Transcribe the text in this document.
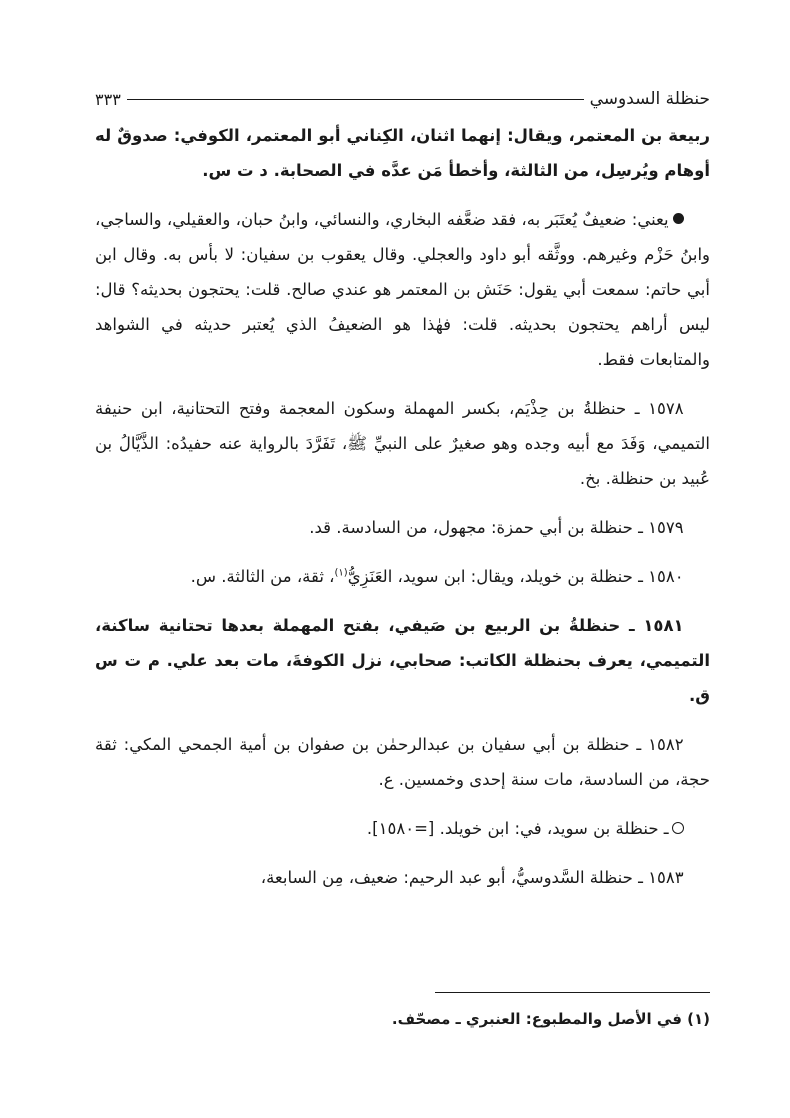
حنظلة السدوسي
٣٣٣

ربيعة بن المعتمر، ويقال: إنهما اثنان، الكِناني أبو المعتمر، الكوفي: صدوقٌ له أوهام ويُرسِل، من الثالثة، وأخطأ مَن عدَّه في الصحابة. د ت س.

يعني: ضعيفٌ يُعتَبَر به، فقد ضعَّفه البخاري، والنسائي، وابنُ حبان، والعقيلي، والساجي، وابنُ حَزْم وغيرهم. ووثَّقه أبو داود والعجلي. وقال يعقوب بن سفيان: لا بأس به. وقال ابن أبي حاتم: سمعت أبي يقول: حَنَش بن المعتمر هو عندي صالح. قلت: يحتجون بحديثه؟ قال: ليس أراهم يحتجون بحديثه. قلت: فهٰذا هو الضعيفُ الذي يُعتبر حديثه في الشواهد والمتابعات فقط.

١٥٧٨ ـ حنظلةُ بن حِذْيَم، بكسر المهملة وسكون المعجمة وفتح التحتانية، ابن حنيفة التميمي، وَفَدَ مع أبيه وجده وهو صغيرٌ على النبيِّ ﷺ، تَفَرَّدَ بالرواية عنه حفيدُه: الذَّيَّالُ بن عُبيد بن حنظلة. بخ.

١٥٧٩ ـ حنظلة بن أبي حمزة: مجهول، من السادسة. قد.

١٥٨٠ ـ حنظلة بن خويلد، ويقال: ابن سويد، العَنَزِيُّ$^{(١)}$، ثقة، من الثالثة. س.

١٥٨١ ـ حنظلةُ بن الربيع بن صَيفي، بفتح المهملة بعدها تحتانية ساكنة، التميمي، يعرف بحنظلة الكاتب: صحابي، نزل الكوفةَ، مات بعد علي. م ت س ق.

١٥٨٢ ـ حنظلة بن أبي سفيان بن عبدالرحمٰن بن صفوان بن أمية الجمحي المكي: ثقة حجة، من السادسة، مات سنة إحدى وخمسين. ع.

ـ حنظلة بن سويد، في: ابن خويلد. [=١٥٨٠].

١٥٨٣ ـ حنظلة السَّدوسيُّ، أبو عبد الرحيم: ضعيف، مِن السابعة،

(١) في الأصل والمطبوع: العنبري ـ مصحّف.
